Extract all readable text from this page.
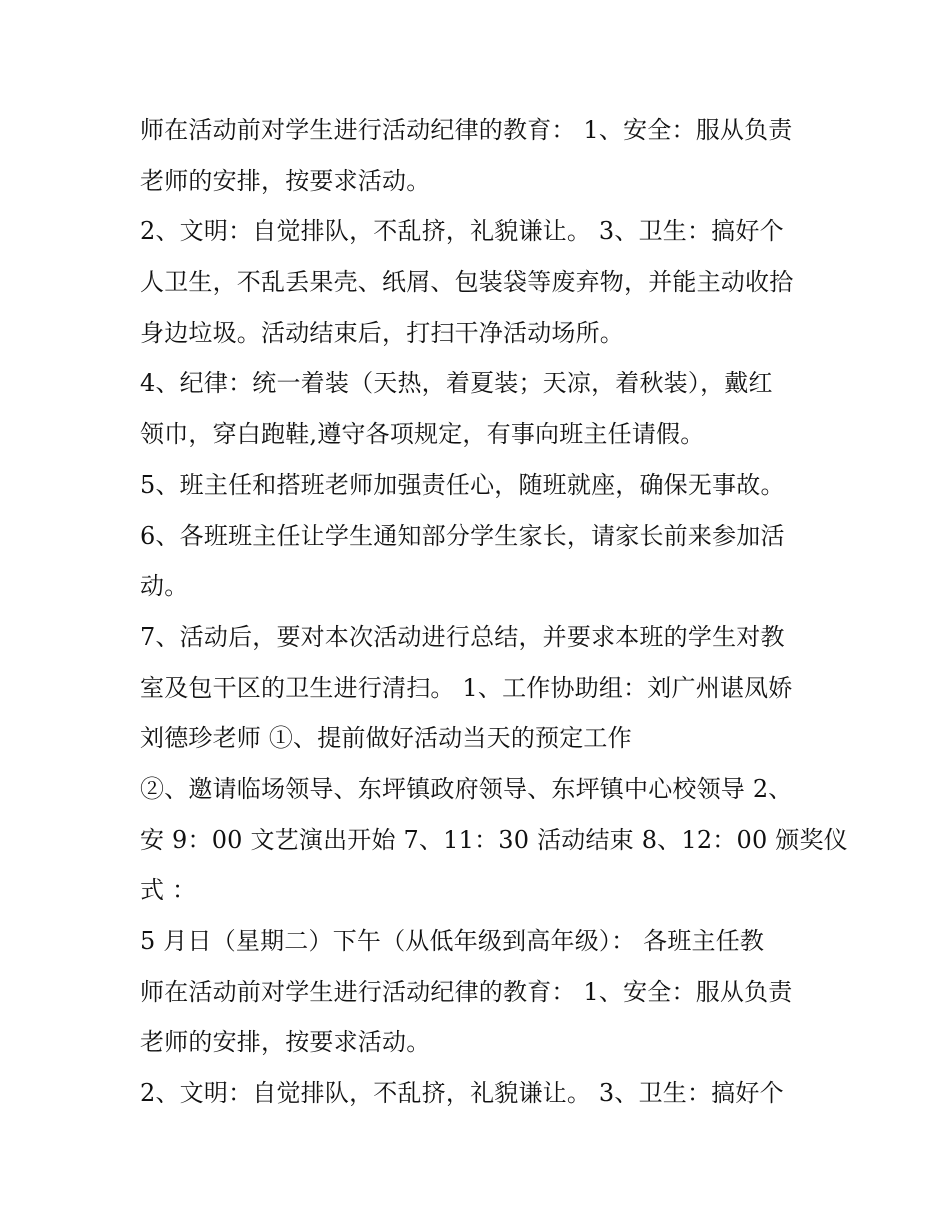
师在活动前对学生进行活动纪律的教育： 1、安全：服从负责
老师的安排，按要求活动。
2、文明：自觉排队，不乱挤，礼貌谦让。 3、卫生：搞好个
人卫生，不乱丢果壳、纸屑、包装袋等废弃物，并能主动收拾
身边垃圾。活动结束后，打扫干净活动场所。
4、纪律：统一着装（天热，着夏装；天凉，着秋装），戴红
领巾，穿白跑鞋,遵守各项规定，有事向班主任请假。
5、班主任和搭班老师加强责任心，随班就座，确保无事故。
6、各班班主任让学生通知部分学生家长，请家长前来参加活
动。
7、活动后，要对本次活动进行总结，并要求本班的学生对教
室及包干区的卫生进行清扫。 1、工作协助组：刘广州谌凤娇
刘德珍老师 ①、提前做好活动当天的预定工作
②、邀请临场领导、东坪镇政府领导、东坪镇中心校领导 2、
安 9：00 文艺演出开始 7、11：30 活动结束 8、12：00 颁奖仪
式 ：
5 月日（星期二）下午（从低年级到高年级）： 各班主任教
师在活动前对学生进行活动纪律的教育： 1、安全：服从负责
老师的安排，按要求活动。
2、文明：自觉排队，不乱挤，礼貌谦让。 3、卫生：搞好个
